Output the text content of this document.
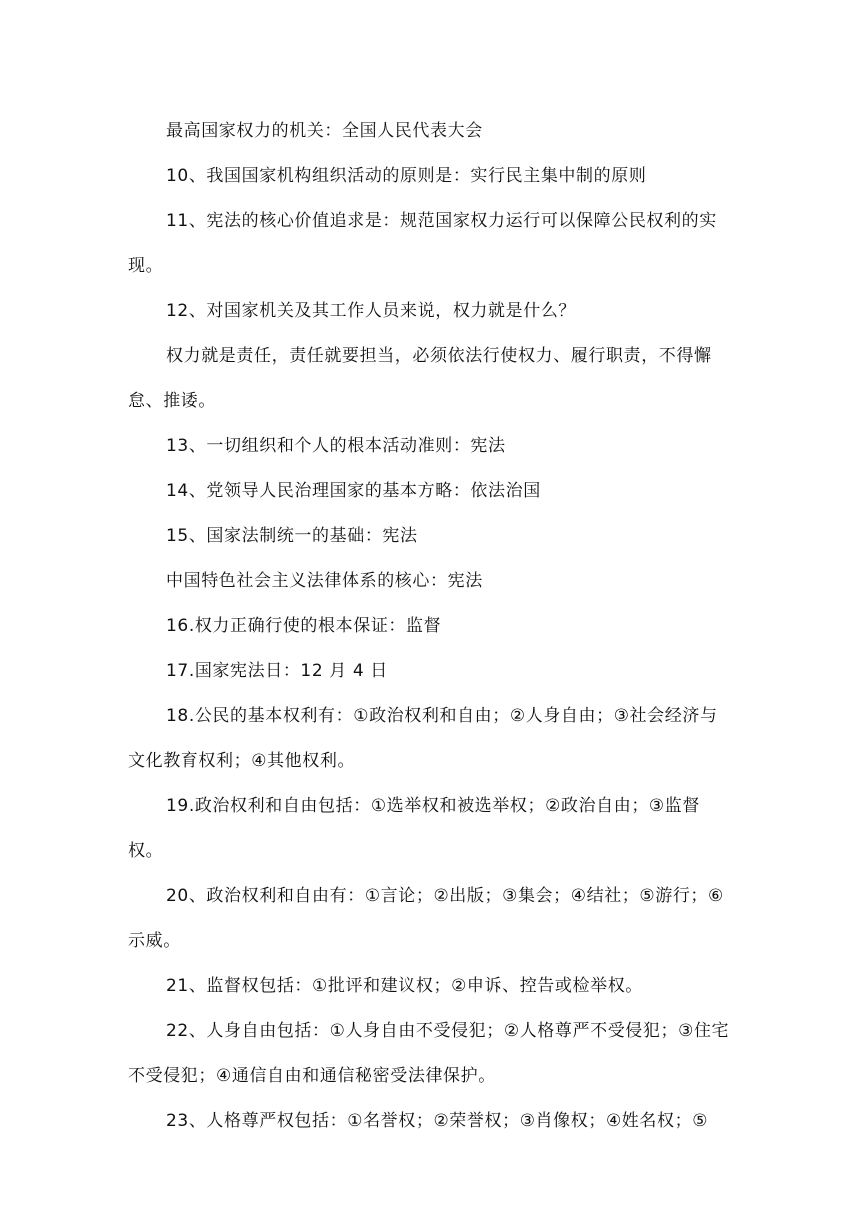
最高国家权力的机关：全国人民代表大会

10、我国国家机构组织活动的原则是：实行民主集中制的原则

11、宪法的核心价值追求是：规范国家权力运行可以保障公民权利的实现。

12、对国家机关及其工作人员来说，权力就是什么？

权力就是责任，责任就要担当，必须依法行使权力、履行职责，不得懈怠、推诿。

13、一切组织和个人的根本活动准则：宪法

14、党领导人民治理国家的基本方略：依法治国

15、国家法制统一的基础：宪法

中国特色社会主义法律体系的核心：宪法

16.权力正确行使的根本保证：监督

17.国家宪法日：12 月 4 日

18.公民的基本权利有：①政治权利和自由；②人身自由；③社会经济与文化教育权利；④其他权利。

19.政治权利和自由包括：①选举权和被选举权；②政治自由；③监督权。

20、政治权利和自由有：①言论；②出版；③集会；④结社；⑤游行；⑥示威。

21、监督权包括：①批评和建议权；②申诉、控告或检举权。

22、人身自由包括：①人身自由不受侵犯；②人格尊严不受侵犯；③住宅不受侵犯；④通信自由和通信秘密受法律保护。

23、人格尊严权包括：①名誉权；②荣誉权；③肖像权；④姓名权；⑤
